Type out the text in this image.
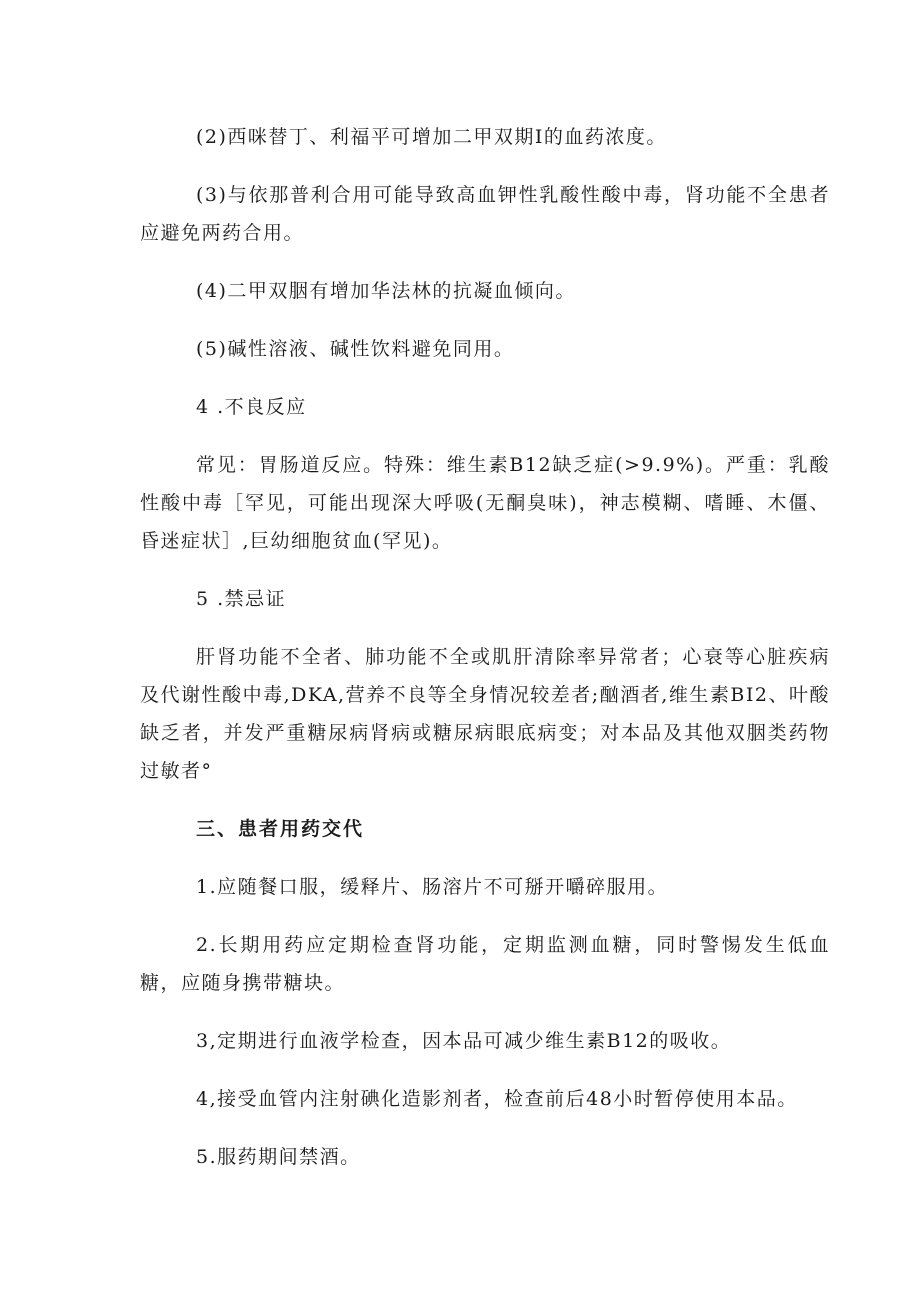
(2)西咪替丁、利福平可增加二甲双期I的血药浓度。

(3)与依那普利合用可能导致高血钾性乳酸性酸中毒，肾功能不全患者应避免两药合用。

(4)二甲双胭有增加华法林的抗凝血倾向。

(5)碱性溶液、碱性饮料避免同用。

4 .不良反应

常见：胃肠道反应。特殊：维生素B12缺乏症(>9.9%)。严重：乳酸性酸中毒［罕见，可能出现深大呼吸(无酮臭味)，神志模糊、嗜睡、木僵、昏迷症状］,巨幼细胞贫血(罕见)。

5 .禁忌证

肝肾功能不全者、肺功能不全或肌肝清除率异常者；心衰等心脏疾病及代谢性酸中毒,DKA,营养不良等全身情况较差者;酗酒者,维生素BI2、叶酸缺乏者，并发严重糖尿病肾病或糖尿病眼底病变；对本品及其他双胭类药物过敏者°

三、患者用药交代

1.应随餐口服，缓释片、肠溶片不可掰开嚼碎服用。

2.长期用药应定期检查肾功能，定期监测血糖，同时警惕发生低血糖，应随身携带糖块。

3,定期进行血液学检查，因本品可减少维生素B12的吸收。

4,接受血管内注射碘化造影剂者，检查前后48小时暂停使用本品。

5.服药期间禁酒。
